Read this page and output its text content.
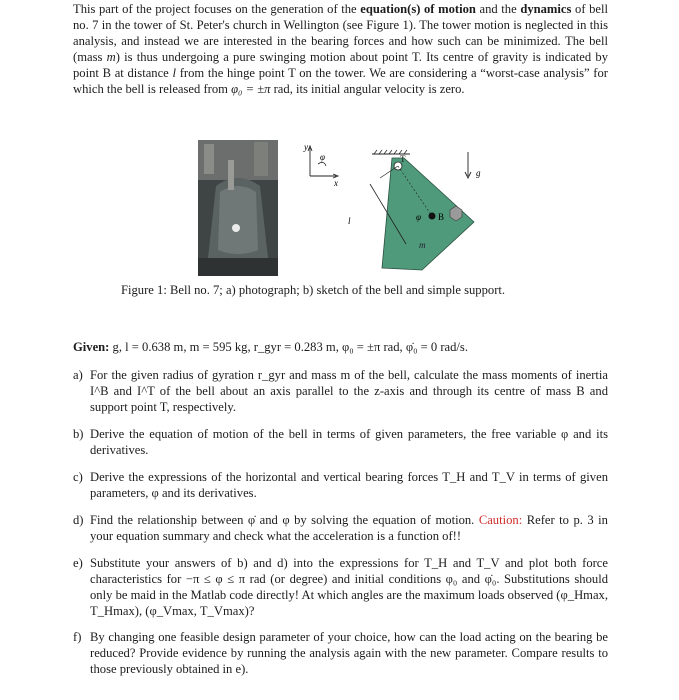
This part of the project focuses on the generation of the equation(s) of motion and the dynamics of bell no. 7 in the tower of St. Peter's church in Wellington (see Figure 1). The tower motion is neglected in this analysis, and instead we are interested in the bearing forces and how such can be minimized. The bell (mass m) is thus undergoing a pure swinging motion about point T. Its centre of gravity is indicated by point B at distance l from the hinge point T on the tower. We are considering a “worst-case analysis” for which the bell is released from φ₀ = ±π rad, its initial angular velocity is zero.
y
φ
x
T
g
l	φ B
m
Figure 1: Bell no. 7; a) photograph; b) sketch of the bell and simple support.
Given: g, l = 0.638 m, m = 595 kg, r_gyr = 0.283 m, φ₀ = ±π rad, φ̇₀ = 0 rad/s.
a) For the given radius of gyration r_gyr and mass m of the bell, calculate the mass moments of inertia I^B and I^T of the bell about an axis parallel to the z-axis and through its centre of mass B and support point T, respectively.
b) Derive the equation of motion of the bell in terms of given parameters, the free variable φ and its derivatives.
c) Derive the expressions of the horizontal and vertical bearing forces T_H and T_V in terms of given parameters, φ and its derivatives.
d) Find the relationship between φ̇ and φ by solving the equation of motion. Caution: Refer to p. 3 in your equation summary and check what the acceleration is a function of!!
e) Substitute your answers of b) and d) into the expressions for T_H and T_V and plot both force characteristics for −π ≤ φ ≤ π rad (or degree) and initial conditions φ₀ and φ̇₀. Substitutions should only be maid in the Matlab code directly! At which angles are the maximum loads observed (φ_Hmax, T_Hmax), (φ_Vmax, T_Vmax)?
f) By changing one feasible design parameter of your choice, how can the load acting on the bearing be reduced? Provide evidence by running the analysis again with the new parameter. Compare results to those previously obtained in e).
